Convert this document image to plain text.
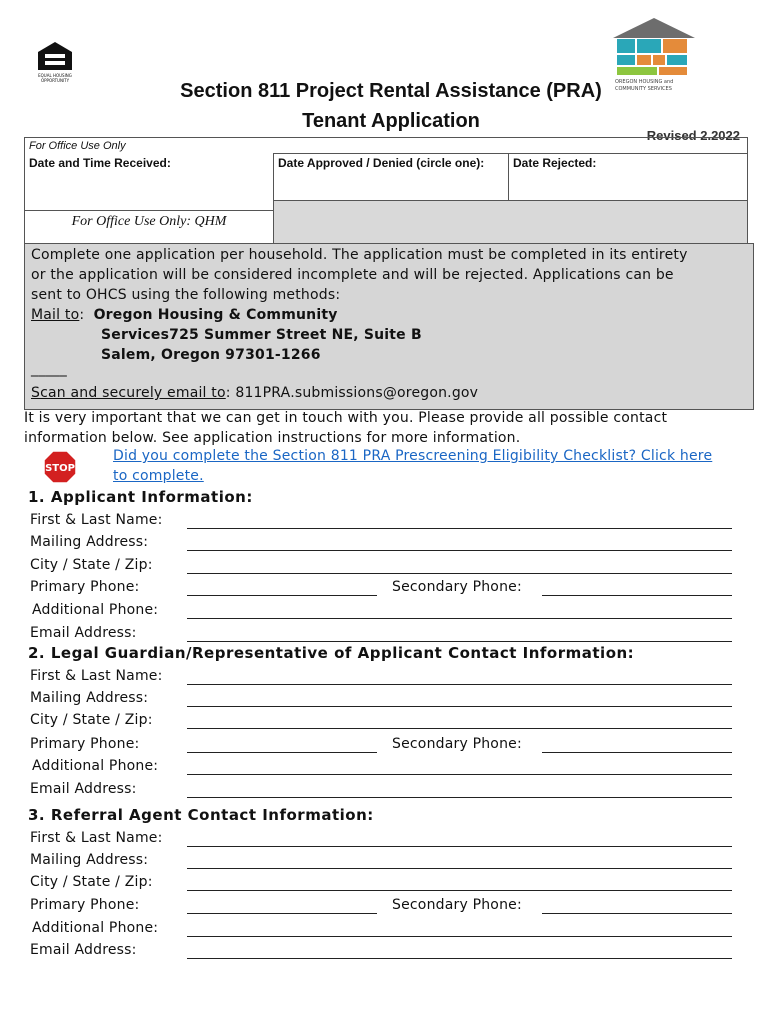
EQUAL HOUSING
OPPORTUNITY	OREGON HOUSING and
COMMUNITY SERVICES
Section 811 Project Rental Assistance (PRA)
Tenant Application
Revised 2.2022
For Office Use Only
Date and Time Received:	Date Approved / Denied (circle one):	Date Rejected:
For Office Use Only: QHM
Complete one application per household. The application must be completed in its entirety
or the application will be considered incomplete and will be rejected. Applications can be
sent to OHCS using the following methods:
Mail to: Oregon Housing & Community
Services725 Summer Street NE, Suite B
Salem, Oregon 97301-1266
_____
Scan and securely email to: 811PRA.submissions@oregon.gov
It is very important that we can get in touch with you. Please provide all possible contact
information below. See application instructions for more information.
STOP
Did you complete the Section 811 PRA Prescreening Eligibility Checklist? Click here
to complete.
1. Applicant Information:
First & Last Name:
Mailing Address:
City / State / Zip:
Primary Phone:	Secondary Phone:
Additional Phone:
Email Address:
2. Legal Guardian/Representative of Applicant Contact Information:
First & Last Name:
Mailing Address:
City / State / Zip:
Primary Phone:	Secondary Phone:
Additional Phone:
Email Address:
3. Referral Agent Contact Information:
First & Last Name:
Mailing Address:
City / State / Zip:
Primary Phone:	Secondary Phone:
Additional Phone:
Email Address:
